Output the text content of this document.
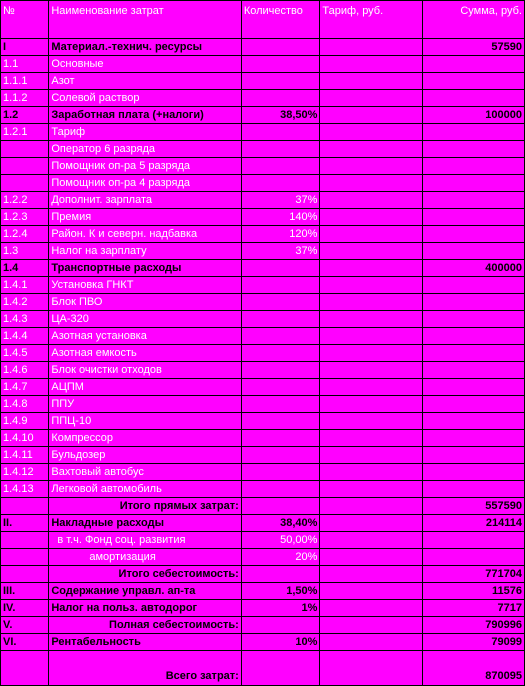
№	Наименование затрат	Количество	Тариф, руб.	Сумма, руб.
I	Материал.-технич. ресурсы			57590
1.1	Основные			
1.1.1	Азот			
1.1.2	Солевой раствор			
1.2	Заработная плата (+налоги)	38,50%		100000
1.2.1	Тариф			
	Оператор 6 разряда			
	Помощник оп-ра 5 разряда			
	Помощник оп-ра 4 разряда			
1.2.2	Дополнит. зарплата	37%		
1.2.3	Премия	140%		
1.2.4	Район. К и северн. надбавка	120%		
1.3	Налог на зарплату	37%		
1.4	Транспортные расходы			400000
1.4.1	Установка ГНКТ			
1.4.2	Блок ПВО			
1.4.3	ЦА-320			
1.4.4	Азотная установка			
1.4.5	Азотная емкость			
1.4.6	Блок очистки отходов			
1.4.7	АЦПМ			
1.4.8	ППУ			
1.4.9	ППЦ-10			
1.4.10	Компрессор			
1.4.11	Бульдозер			
1.4.12	Вахтовый автобус			
1.4.13	Легковой автомобиль			
	Итого прямых затрат:			557590
II.	Накладные расходы	38,40%		214114
	в т.ч. Фонд соц. развития	50,00%		
	амортизация	20%		
	Итого себестоимость:			771704
III.	Содержание управл. ап-та	1,50%		11576
IV.	Налог на польз. автодорог	1%		7717
V.	Полная себестоимость:			790996
VI.	Рентабельность	10%		79099
	Всего затрат:			870095
